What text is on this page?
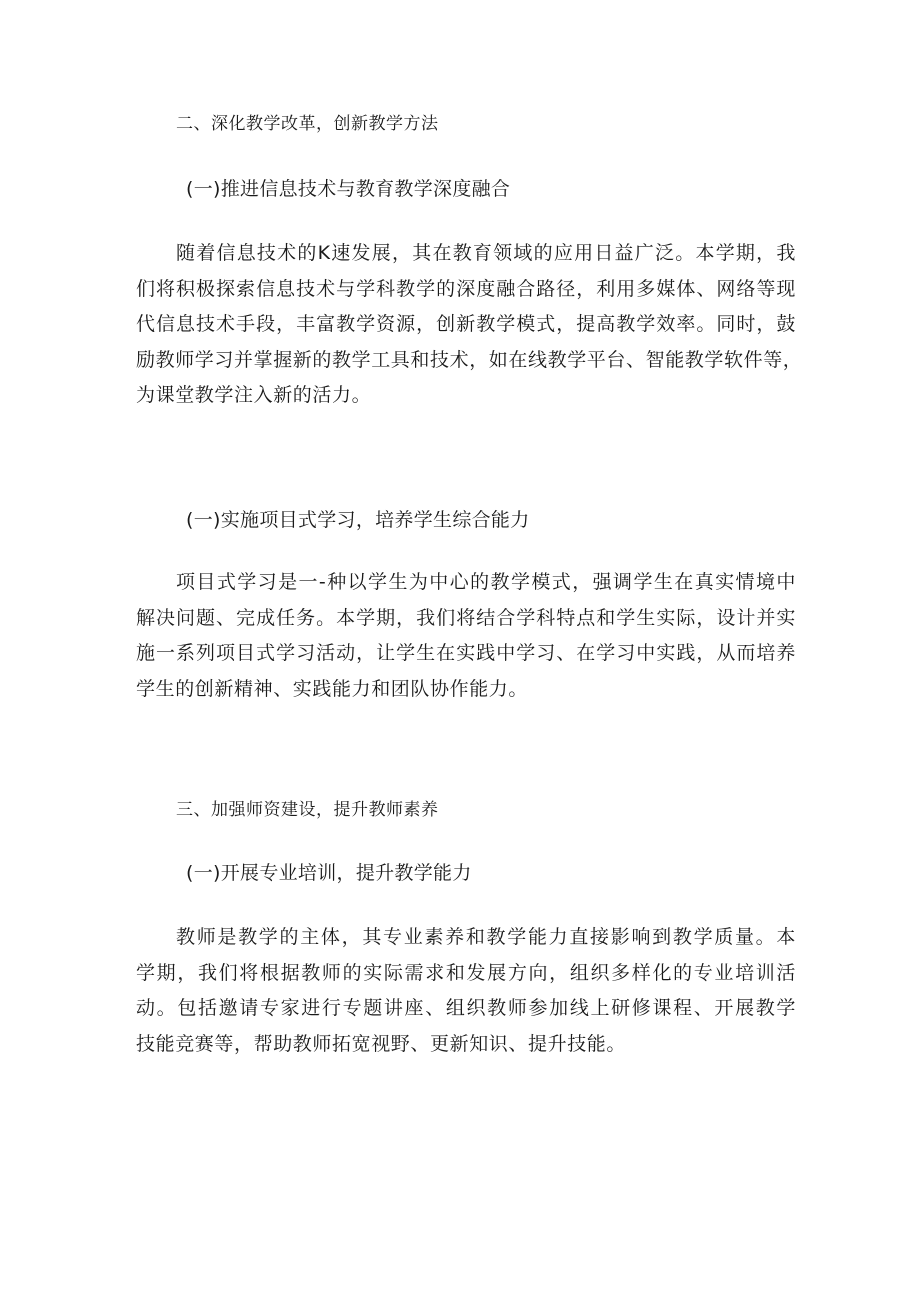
二、深化教学改革，创新教学方法
(一)推进信息技术与教育教学深度融合
随着信息技术的K速发展，其在教育领域的应用日益广泛。本学期，我
们将积极探索信息技术与学科教学的深度融合路径，利用多媒体、网络等现
代信息技术手段，丰富教学资源，创新教学模式，提高教学效率。同时，鼓
励教师学习并掌握新的教学工具和技术，如在线教学平台、智能教学软件等，
为课堂教学注入新的活力。
(一)实施项目式学习，培养学生综合能力
项目式学习是一-种以学生为中心的教学模式，强调学生在真实情境中
解决问题、完成任务。本学期，我们将结合学科特点和学生实际，设计并实
施一系列项目式学习活动，让学生在实践中学习、在学习中实践，从而培养
学生的创新精神、实践能力和团队协作能力。
三、加强师资建设，提升教师素养
(一)开展专业培训，提升教学能力
教师是教学的主体，其专业素养和教学能力直接影响到教学质量。本
学期，我们将根据教师的实际需求和发展方向，组织多样化的专业培训活
动。包括邀请专家进行专题讲座、组织教师参加线上研修课程、开展教学
技能竞赛等，帮助教师拓宽视野、更新知识、提升技能。
